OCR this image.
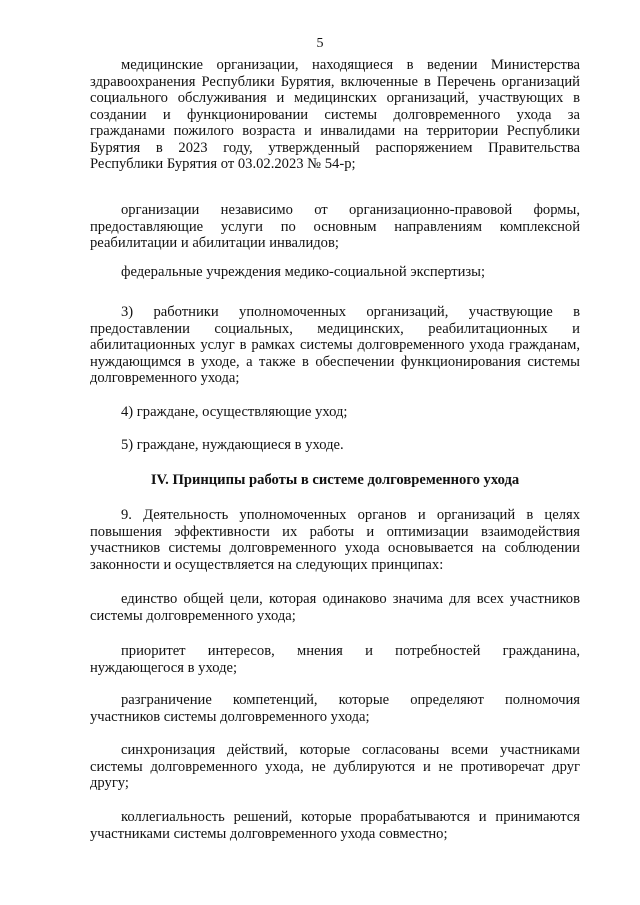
5

медицинские организации, находящиеся в ведении Министерства здравоохранения Республики Бурятия, включенные в Перечень организаций социального обслуживания и медицинских организаций, участвующих в создании и функционировании системы долговременного ухода за гражданами пожилого возраста и инвалидами на территории Республики Бурятия в 2023 году, утвержденный распоряжением Правительства Республики Бурятия от 03.02.2023 № 54-р;

организации независимо от организационно-правовой формы, предоставляющие услуги по основным направлениям комплексной реабилитации и абилитации инвалидов;

федеральные учреждения медико-социальной экспертизы;

3) работники уполномоченных организаций, участвующие в предоставлении социальных, медицинских, реабилитационных и абилитационных услуг в рамках системы долговременного ухода гражданам, нуждающимся в уходе, а также в обеспечении функционирования системы долговременного ухода;

4) граждане, осуществляющие уход;

5) граждане, нуждающиеся в уходе.

IV. Принципы работы в системе долговременного ухода

9. Деятельность уполномоченных органов и организаций в целях повышения эффективности их работы и оптимизации взаимодействия участников системы долговременного ухода основывается на соблюдении законности и осуществляется на следующих принципах:

единство общей цели, которая одинаково значима для всех участников системы долговременного ухода;

приоритет интересов, мнения и потребностей гражданина, нуждающегося в уходе;

разграничение компетенций, которые определяют полномочия участников системы долговременного ухода;

синхронизация действий, которые согласованы всеми участниками системы долговременного ухода, не дублируются и не противоречат друг другу;

коллегиальность решений, которые прорабатываются и принимаются участниками системы долговременного ухода совместно;
